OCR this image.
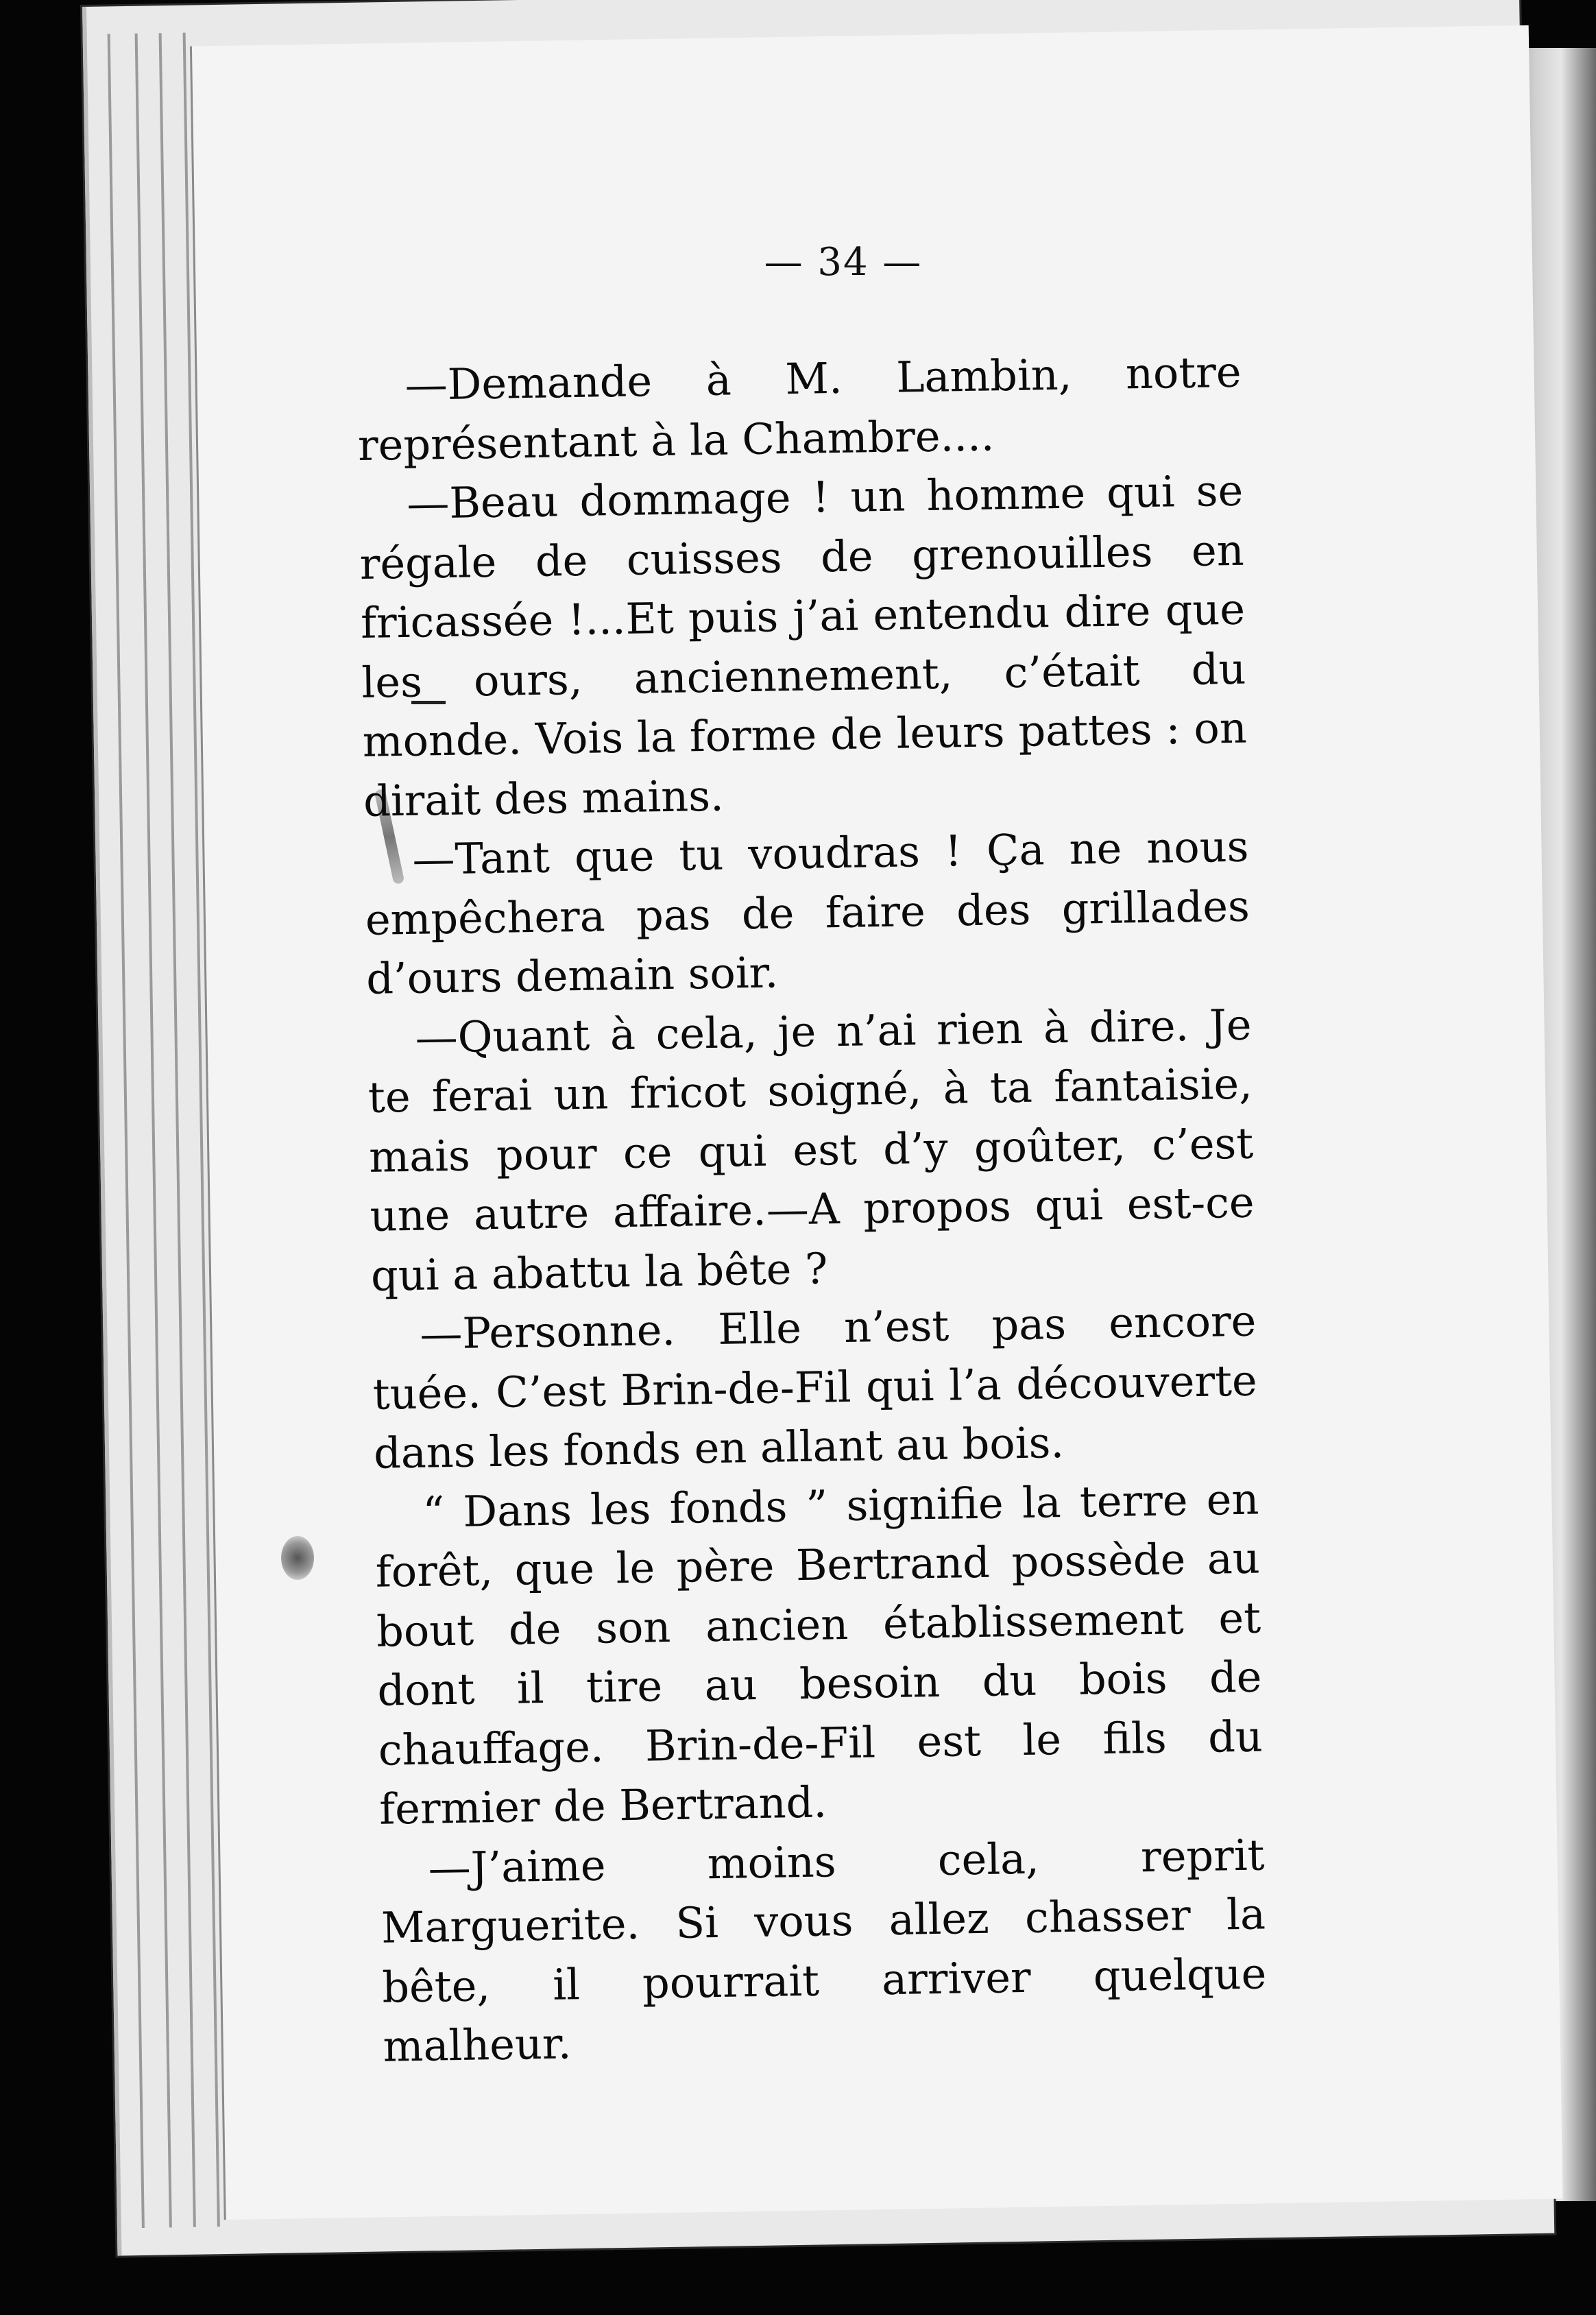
— 34 —

—Demande à M. Lambin, notre représentant à la Chambre....

—Beau dommage ! un homme qui se régale de cuisses de grenouilles en fricassée !...Et puis j’ai entendu dire que les ours, anciennement, c’était du monde. Vois la forme de leurs pattes : on dirait des mains.

—Tant que tu voudras ! Ça ne nous empêchera pas de faire des grillades d’ours demain soir.

—Quant à cela, je n’ai rien à dire. Je te ferai un fricot soigné, à ta fantaisie, mais pour ce qui est d’y goûter, c’est une autre affaire.—A propos qui est-ce qui a abattu la bête ?

—Personne. Elle n’est pas encore tuée. C’est Brin-de-Fil qui l’a découverte dans les fonds en allant au bois.

“ Dans les fonds ” signifie la terre en forêt, que le père Bertrand possède au bout de son ancien établissement et dont il tire au besoin du bois de chauffage. Brin-de-Fil est le fils du fermier de Bertrand.

—J’aime moins cela, reprit Marguerite. Si vous allez chasser la bête, il pourrait arriver quelque malheur.
